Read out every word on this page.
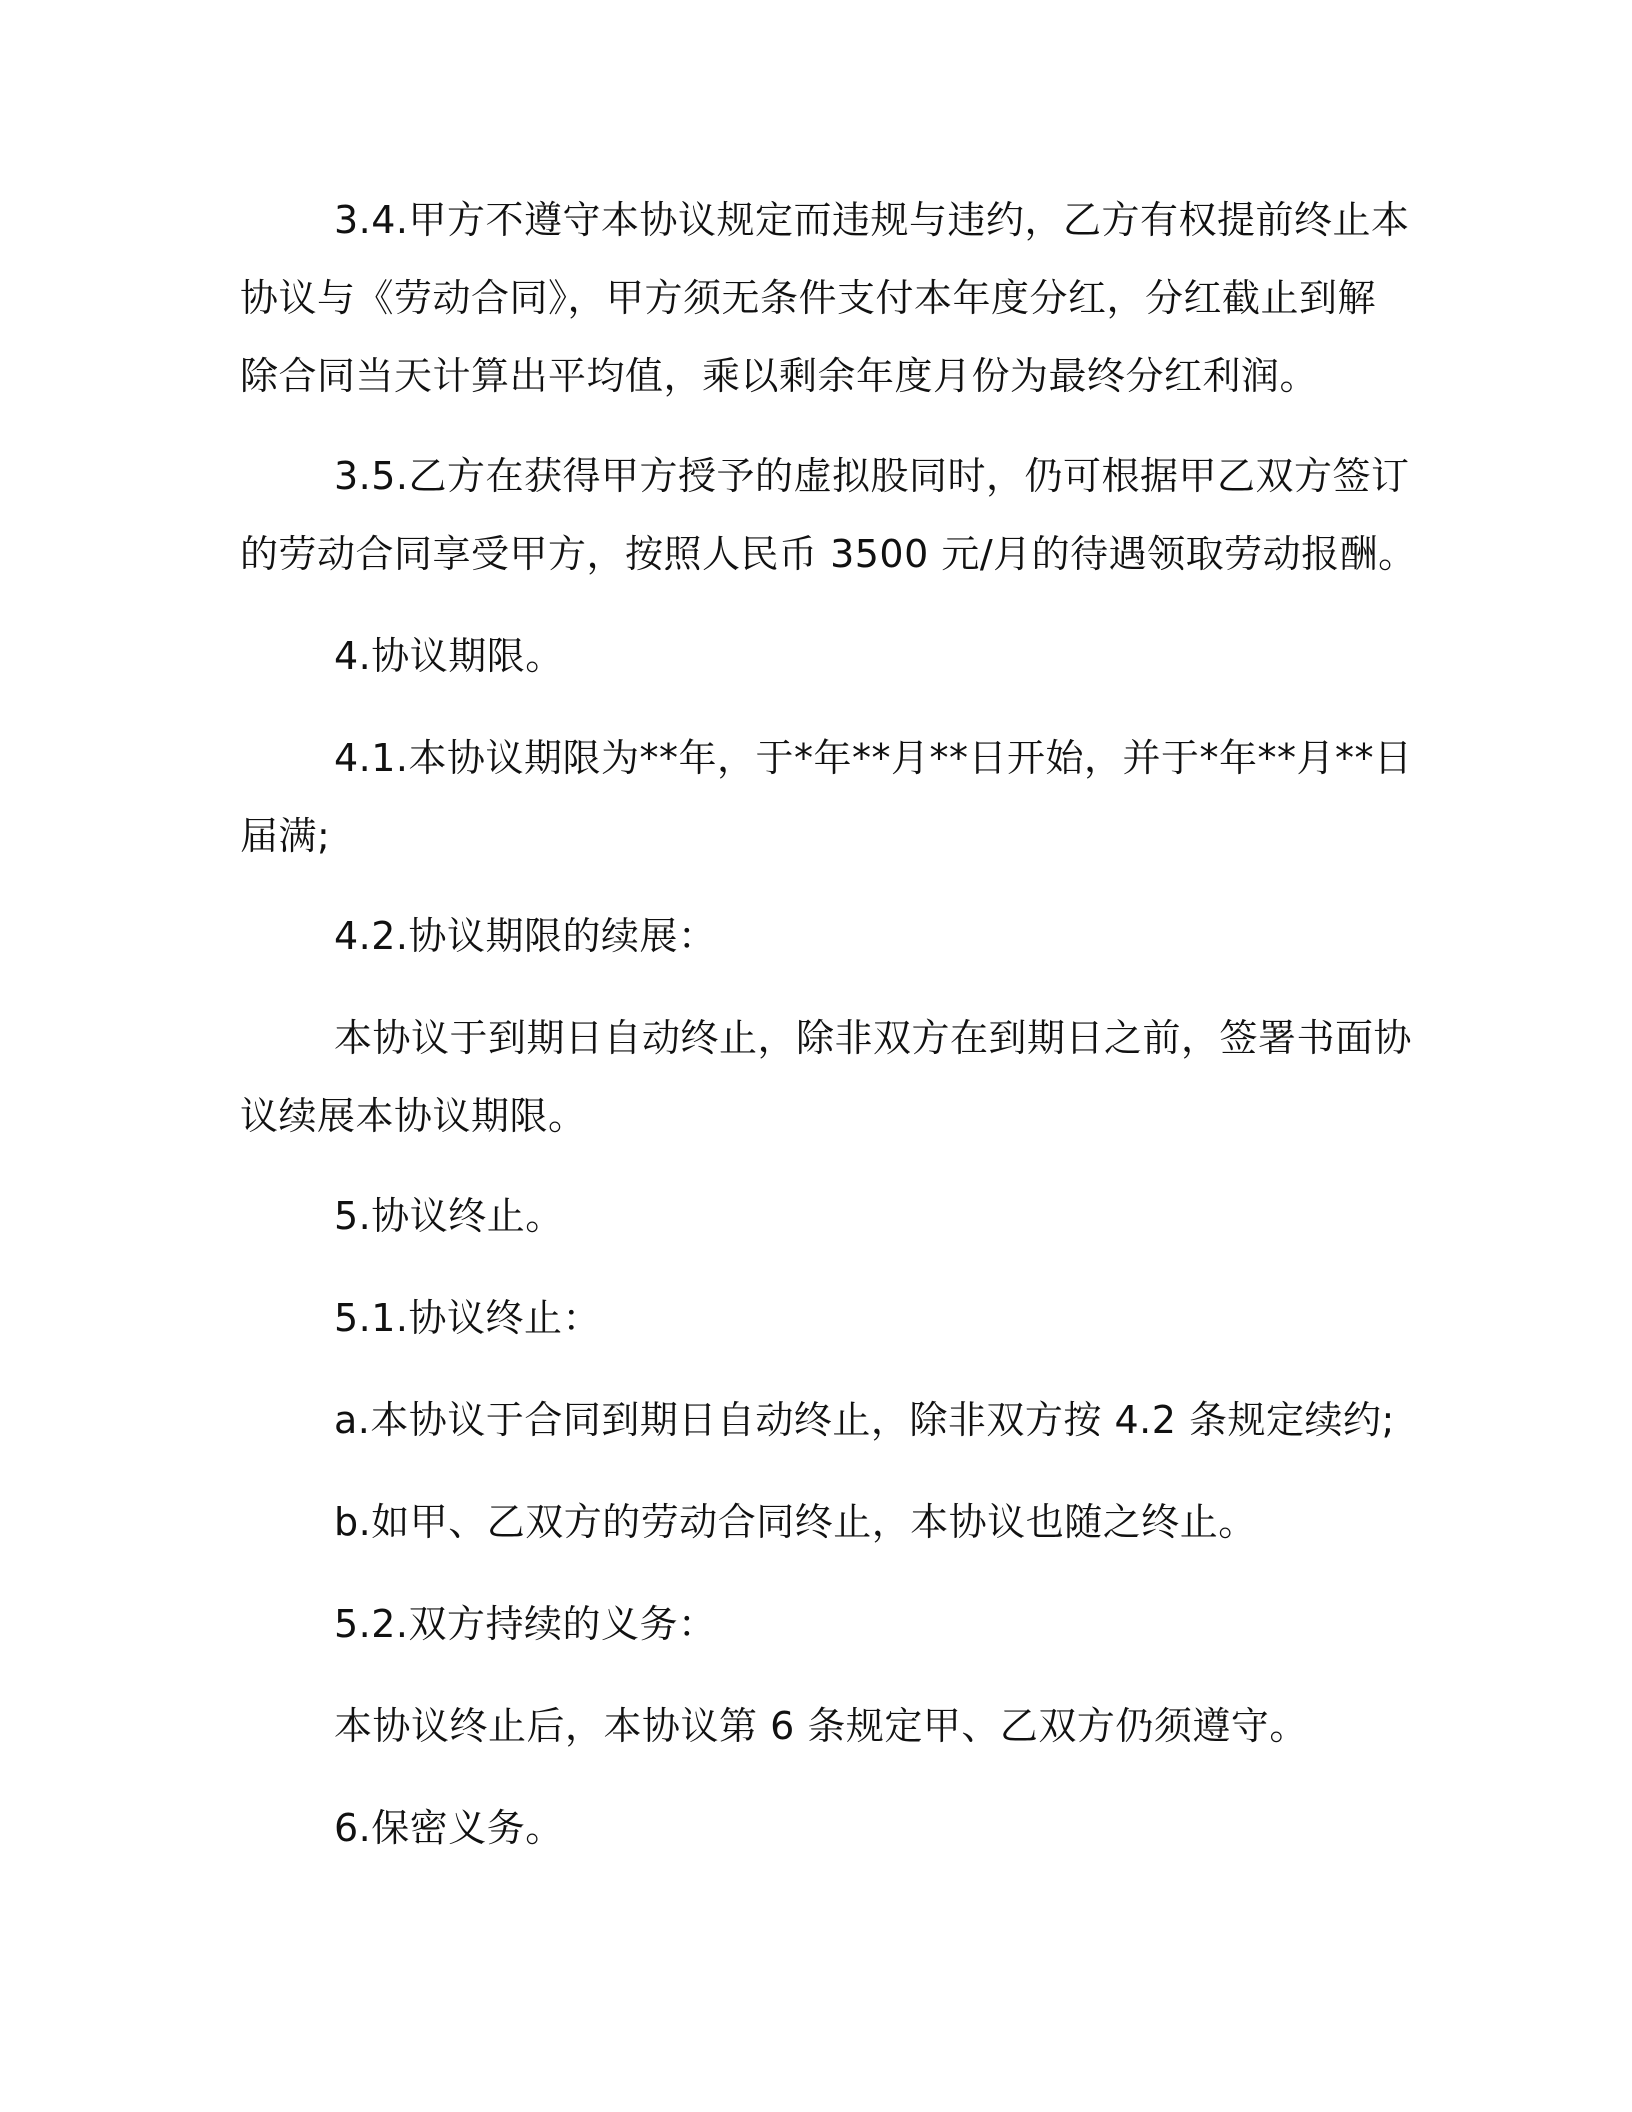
3.4.甲方不遵守本协议规定而违规与违约，乙方有权提前终止本
协议与《劳动合同》，甲方须无条件支付本年度分红，分红截止到解
除合同当天计算出平均值，乘以剩余年度月份为最终分红利润。
3.5.乙方在获得甲方授予的虚拟股同时，仍可根据甲乙双方签订
的劳动合同享受甲方，按照人民币 3500 元/月的待遇领取劳动报酬。
4.协议期限。
4.1.本协议期限为**年，于*年**月**日开始，并于*年**月**日
届满;
4.2.协议期限的续展：
本协议于到期日自动终止，除非双方在到期日之前，签署书面协
议续展本协议期限。
5.协议终止。
5.1.协议终止：
a.本协议于合同到期日自动终止，除非双方按 4.2 条规定续约;
b.如甲、乙双方的劳动合同终止，本协议也随之终止。
5.2.双方持续的义务：
本协议终止后，本协议第 6 条规定甲、乙双方仍须遵守。
6.保密义务。
